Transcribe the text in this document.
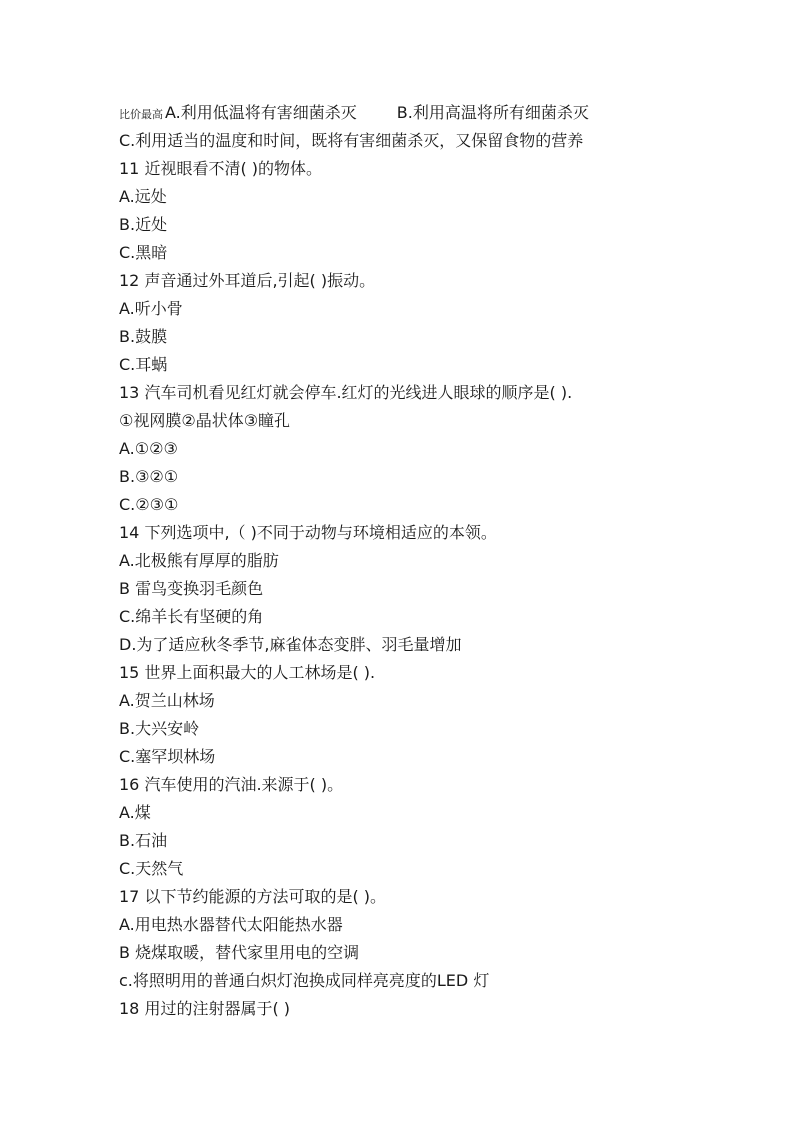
比价最高 A.利用低温将有害细菌杀灭	B.利用高温将所有细菌杀灭
C.利用适当的温度和时间，既将有害细菌杀灭，又保留食物的营养
11 近视眼看不清( )的物体。
A.远处
B.近处
C.黑暗
12 声音通过外耳道后,引起( )振动。
A.听小骨
B.鼓膜
C.耳蜗
13 汽车司机看见红灯就会停车.红灯的光线进人眼球的顺序是( ).
①视网膜②晶状体③瞳孔
A.①②③
B.③②①
C.②③①
14 下列选项中,（ )不同于动物与环境相适应的本领。
A.北极熊有厚厚的脂肪
B 雷鸟变换羽毛颜色
C.绵羊长有坚硬的角
D.为了适应秋冬季节,麻雀体态变胖、羽毛量增加
15 世界上面积最大的人工林场是( ).
A.贺兰山林场
B.大兴安岭
C.塞罕坝林场
16 汽车使用的汽油.来源于( )。
A.煤
B.石油
C.天然气
17 以下节约能源的方法可取的是( )。
A.用电热水器替代太阳能热水器
B 烧煤取暖，替代家里用电的空调
c.将照明用的普通白炽灯泡换成同样亮亮度的LED 灯
18 用过的注射器属于( )
